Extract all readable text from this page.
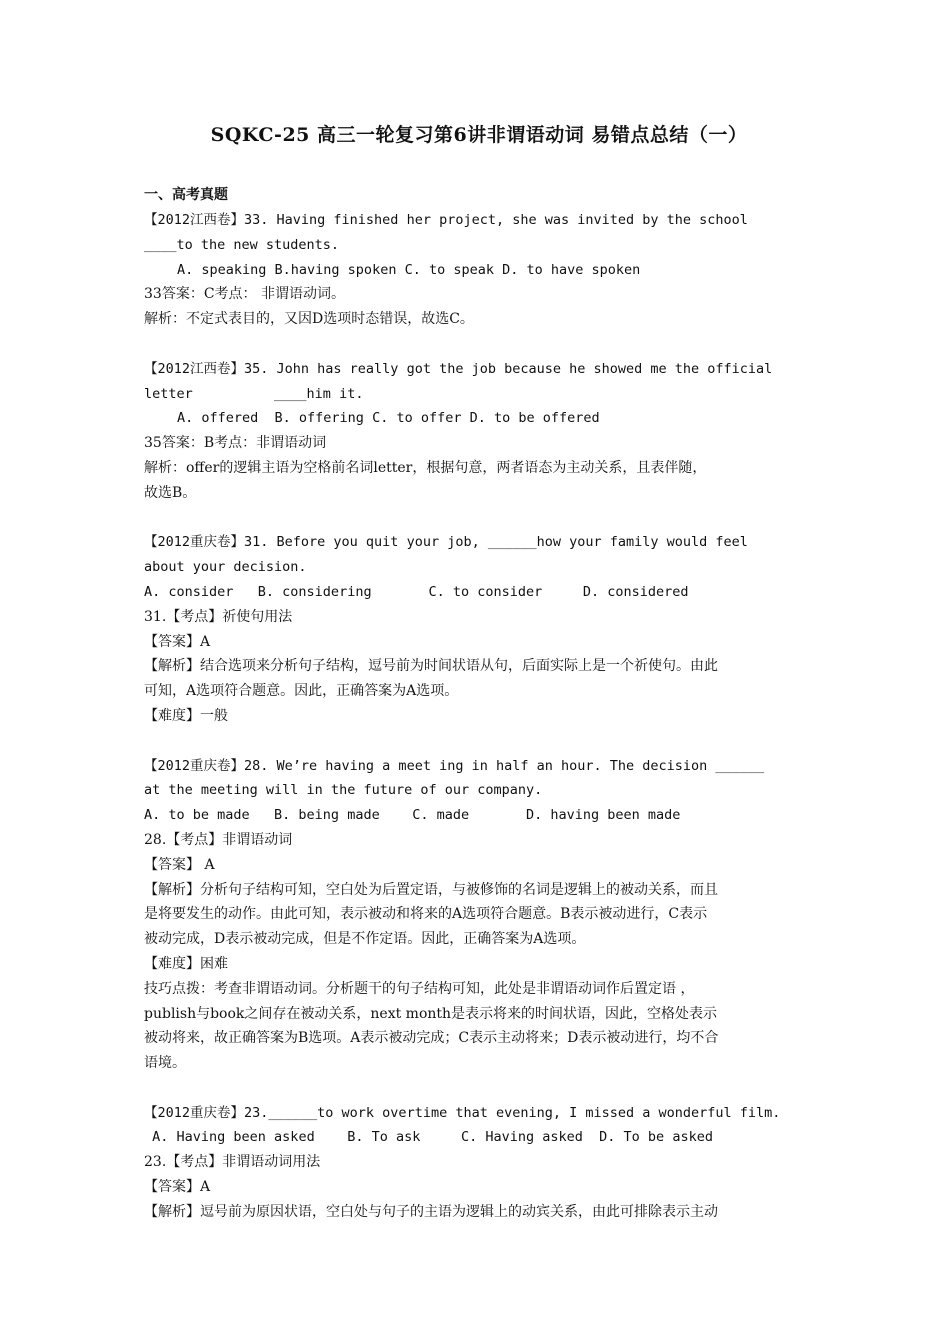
SQKC-25 高三一轮复习第6讲非谓语动词 易错点总结（一）
一、高考真题

【2012江西卷】33. Having finished her project, she was invited by the school

____to the new students.

A. speaking B.having spoken C. to speak D. to have spoken

33答案：C考点： 非谓语动词。

解析：不定式表目的，又因D选项时态错误，故选C。

【2012江西卷】35. John has really got the job because he showed me the official

letter          ____him it.

A. offered  B. offering C. to offer D. to be offered

35答案：B考点：非谓语动词

解析：offer的逻辑主语为空格前名词letter，根据句意，两者语态为主动关系，且表伴随，

故选B。

【2012重庆卷】31. Before you quit your job, ______how your family would feel

about your decision.

A. consider   B. considering       C. to consider     D. considered

31.【考点】祈使句用法

【答案】A

【解析】结合选项来分析句子结构，逗号前为时间状语从句，后面实际上是一个祈使句。由此

可知，A选项符合题意。因此，正确答案为A选项。

【难度】一般

【2012重庆卷】28. We’re having a meet ing in half an hour. The decision ______

at the meeting will in the future of our company.

A. to be made   B. being made    C. made       D. having been made

28.【考点】非谓语动词

【答案】 A

【解析】分析句子结构可知，空白处为后置定语，与被修饰的名词是逻辑上的被动关系，而且

是将要发生的动作。由此可知，表示被动和将来的A选项符合题意。B表示被动进行，C表示

被动完成，D表示被动完成，但是不作定语。因此，正确答案为A选项。

【难度】困难

技巧点拨：考查非谓语动词。分析题干的句子结构可知，此处是非谓语动词作后置定语 ，

publish与book之间存在被动关系，next month是表示将来的时间状语，因此，空格处表示

被动将来，故正确答案为B选项。A表示被动完成；C表示主动将来；D表示被动进行，均不合

语境。

【2012重庆卷】23.______to work overtime that evening, I missed a wonderful film.

A. Having been asked    B. To ask     C. Having asked  D. To be asked

23.【考点】非谓语动词用法

【答案】A

【解析】逗号前为原因状语，空白处与句子的主语为逻辑上的动宾关系，由此可排除表示主动
